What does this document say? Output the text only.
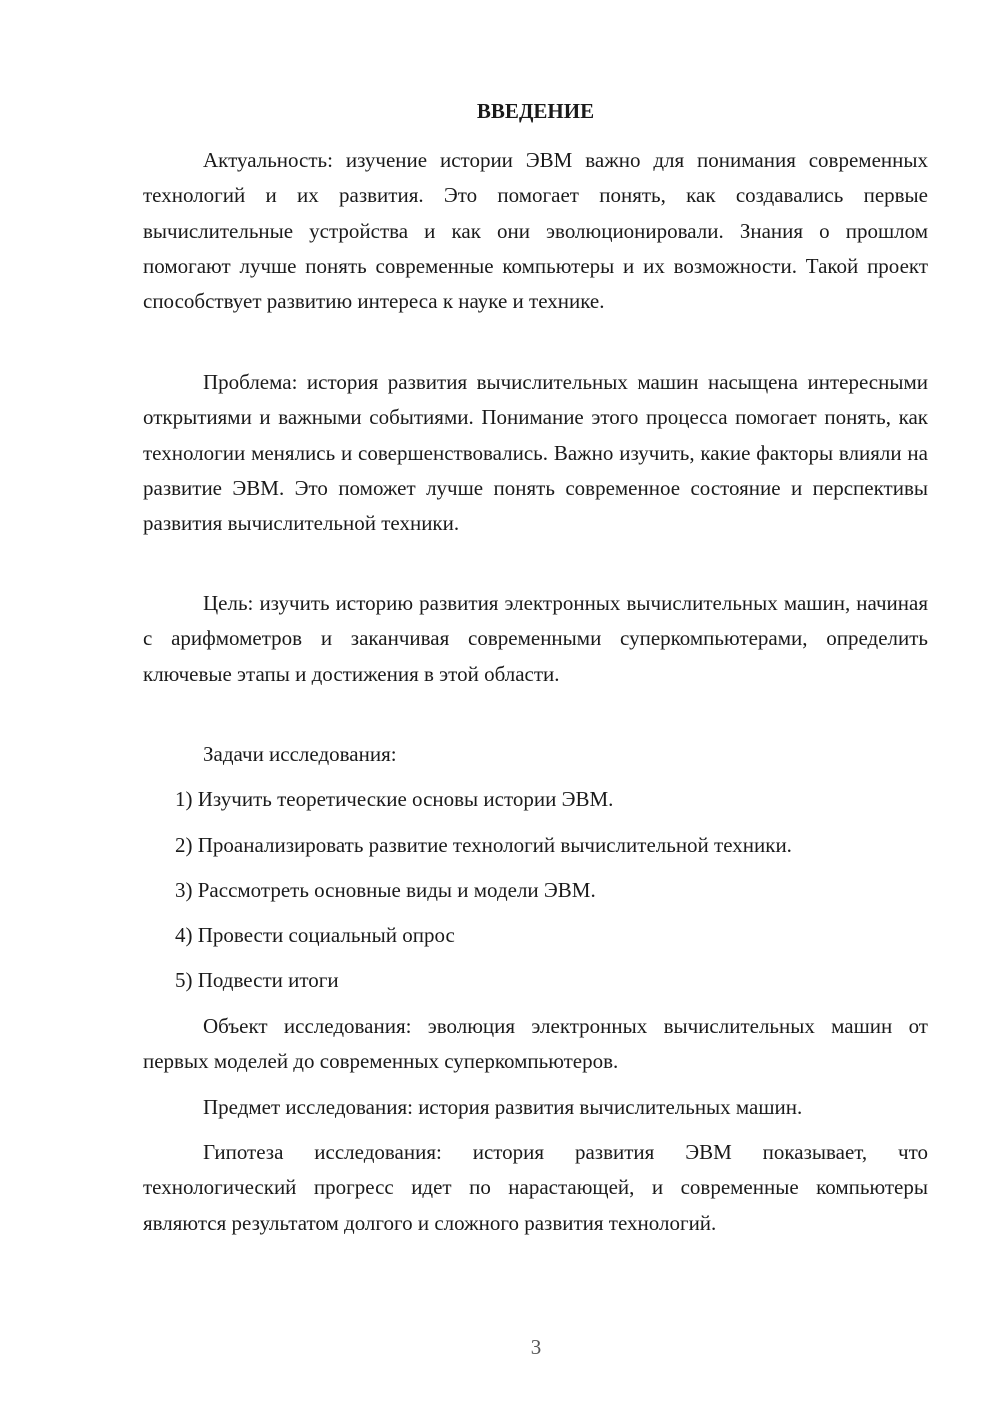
ВВЕДЕНИЕ

Актуальность: изучение истории ЭВМ важно для понимания современных технологий и их развития. Это помогает понять, как создавались первые вычислительные устройства и как они эволюционировали. Знания о прошлом помогают лучше понять современные компьютеры и их возможности. Такой проект способствует развитию интереса к науке и технике.

Проблема: история развития вычислительных машин насыщена интересными открытиями и важными событиями. Понимание этого процесса помогает понять, как технологии менялись и совершенствовались. Важно изучить, какие факторы влияли на развитие ЭВМ. Это поможет лучше понять современное состояние и перспективы развития вычислительной техники.

Цель: изучить историю развития электронных вычислительных машин, начиная с арифмометров и заканчивая современными суперкомпьютерами, определить ключевые этапы и достижения в этой области.

Задачи исследования:

1) Изучить теоретические основы истории ЭВМ.

2) Проанализировать развитие технологий вычислительной техники.

3) Рассмотреть основные виды и модели ЭВМ.

4) Провести социальный опрос

5) Подвести итоги

Объект исследования: эволюция электронных вычислительных машин от первых моделей до современных суперкомпьютеров.

Предмет исследования: история развития вычислительных машин.

Гипотеза исследования: история развития ЭВМ показывает, что технологический прогресс идет по нарастающей, и современные компьютеры являются результатом долгого и сложного развития технологий.

3
